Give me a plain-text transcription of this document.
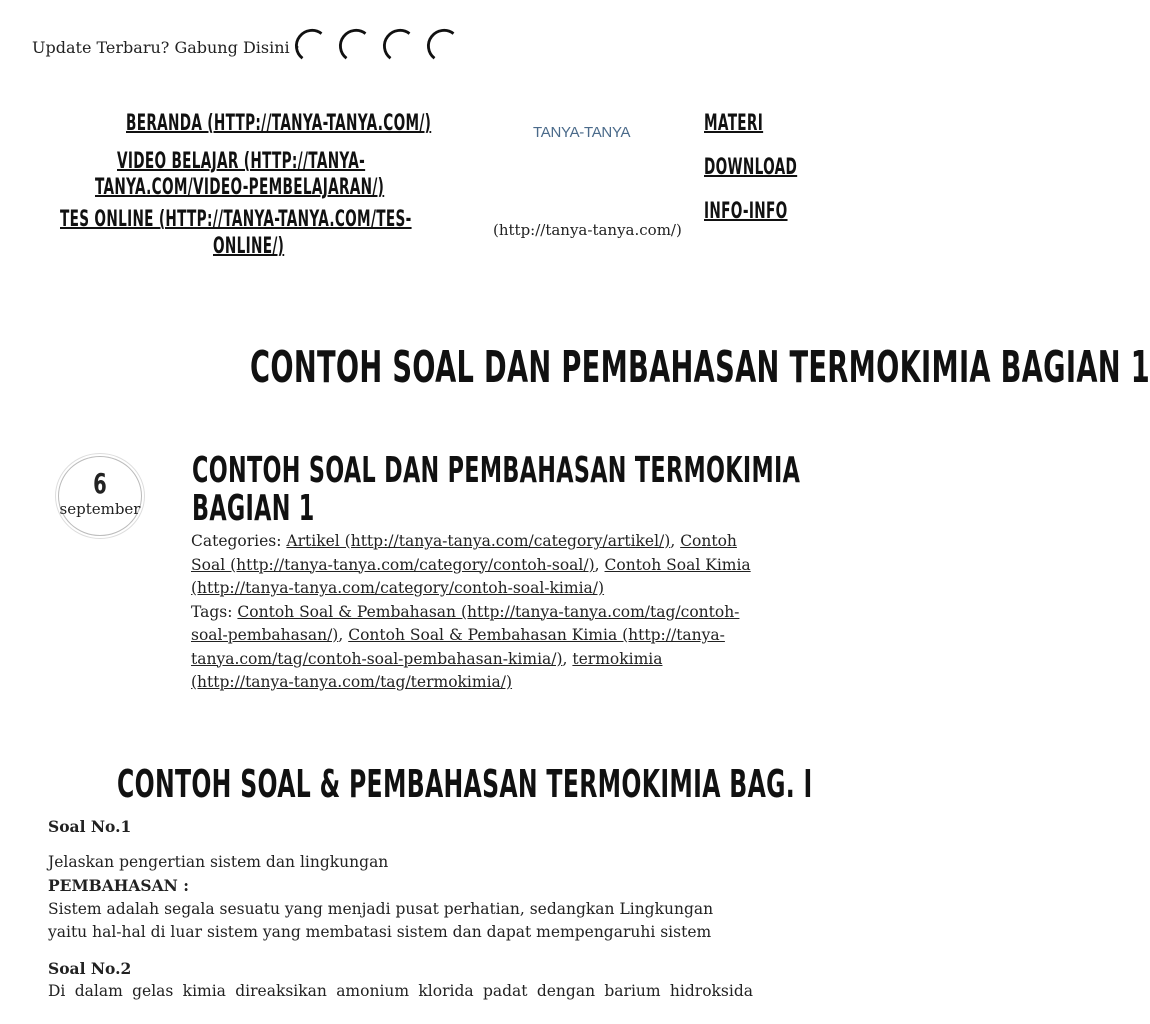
Update Terbaru? Gabung Disini :
BERANDA (HTTP://TANYA-TANYA.COM/)
VIDEO BELAJAR (HTTP://TANYA-
TANYA.COM/VIDEO-PEMBELAJARAN/)
TES ONLINE (HTTP://TANYA-TANYA.COM/TES-
ONLINE/)
TANYA-TANYA
(http://tanya-tanya.com/)
MATERI
DOWNLOAD
INFO-INFO
CONTOH SOAL DAN PEMBAHASAN TERMOKIMIA BAGIAN 1
6
september
CONTOH SOAL DAN PEMBAHASAN TERMOKIMIA
BAGIAN 1
Categories: Artikel (http://tanya-tanya.com/category/artikel/), Contoh Soal (http://tanya-tanya.com/category/contoh-soal/), Contoh Soal Kimia (http://tanya-tanya.com/category/contoh-soal-kimia/)
Tags: Contoh Soal & Pembahasan (http://tanya-tanya.com/tag/contoh-soal-pembahasan/), Contoh Soal & Pembahasan Kimia (http://tanya-tanya.com/tag/contoh-soal-pembahasan-kimia/), termokimia (http://tanya-tanya.com/tag/termokimia/)
CONTOH SOAL & PEMBAHASAN TERMOKIMIA BAG. I

Soal No.1

Jelaskan pengertian sistem dan lingkungan

PEMBAHASAN :

Sistem adalah segala sesuatu yang menjadi pusat perhatian, sedangkan Lingkungan yaitu hal-hal di luar sistem yang membatasi sistem dan dapat mempengaruhi sistem

Soal No.2

Di dalam gelas kimia direaksikan amonium klorida padat dengan barium hidroksida
